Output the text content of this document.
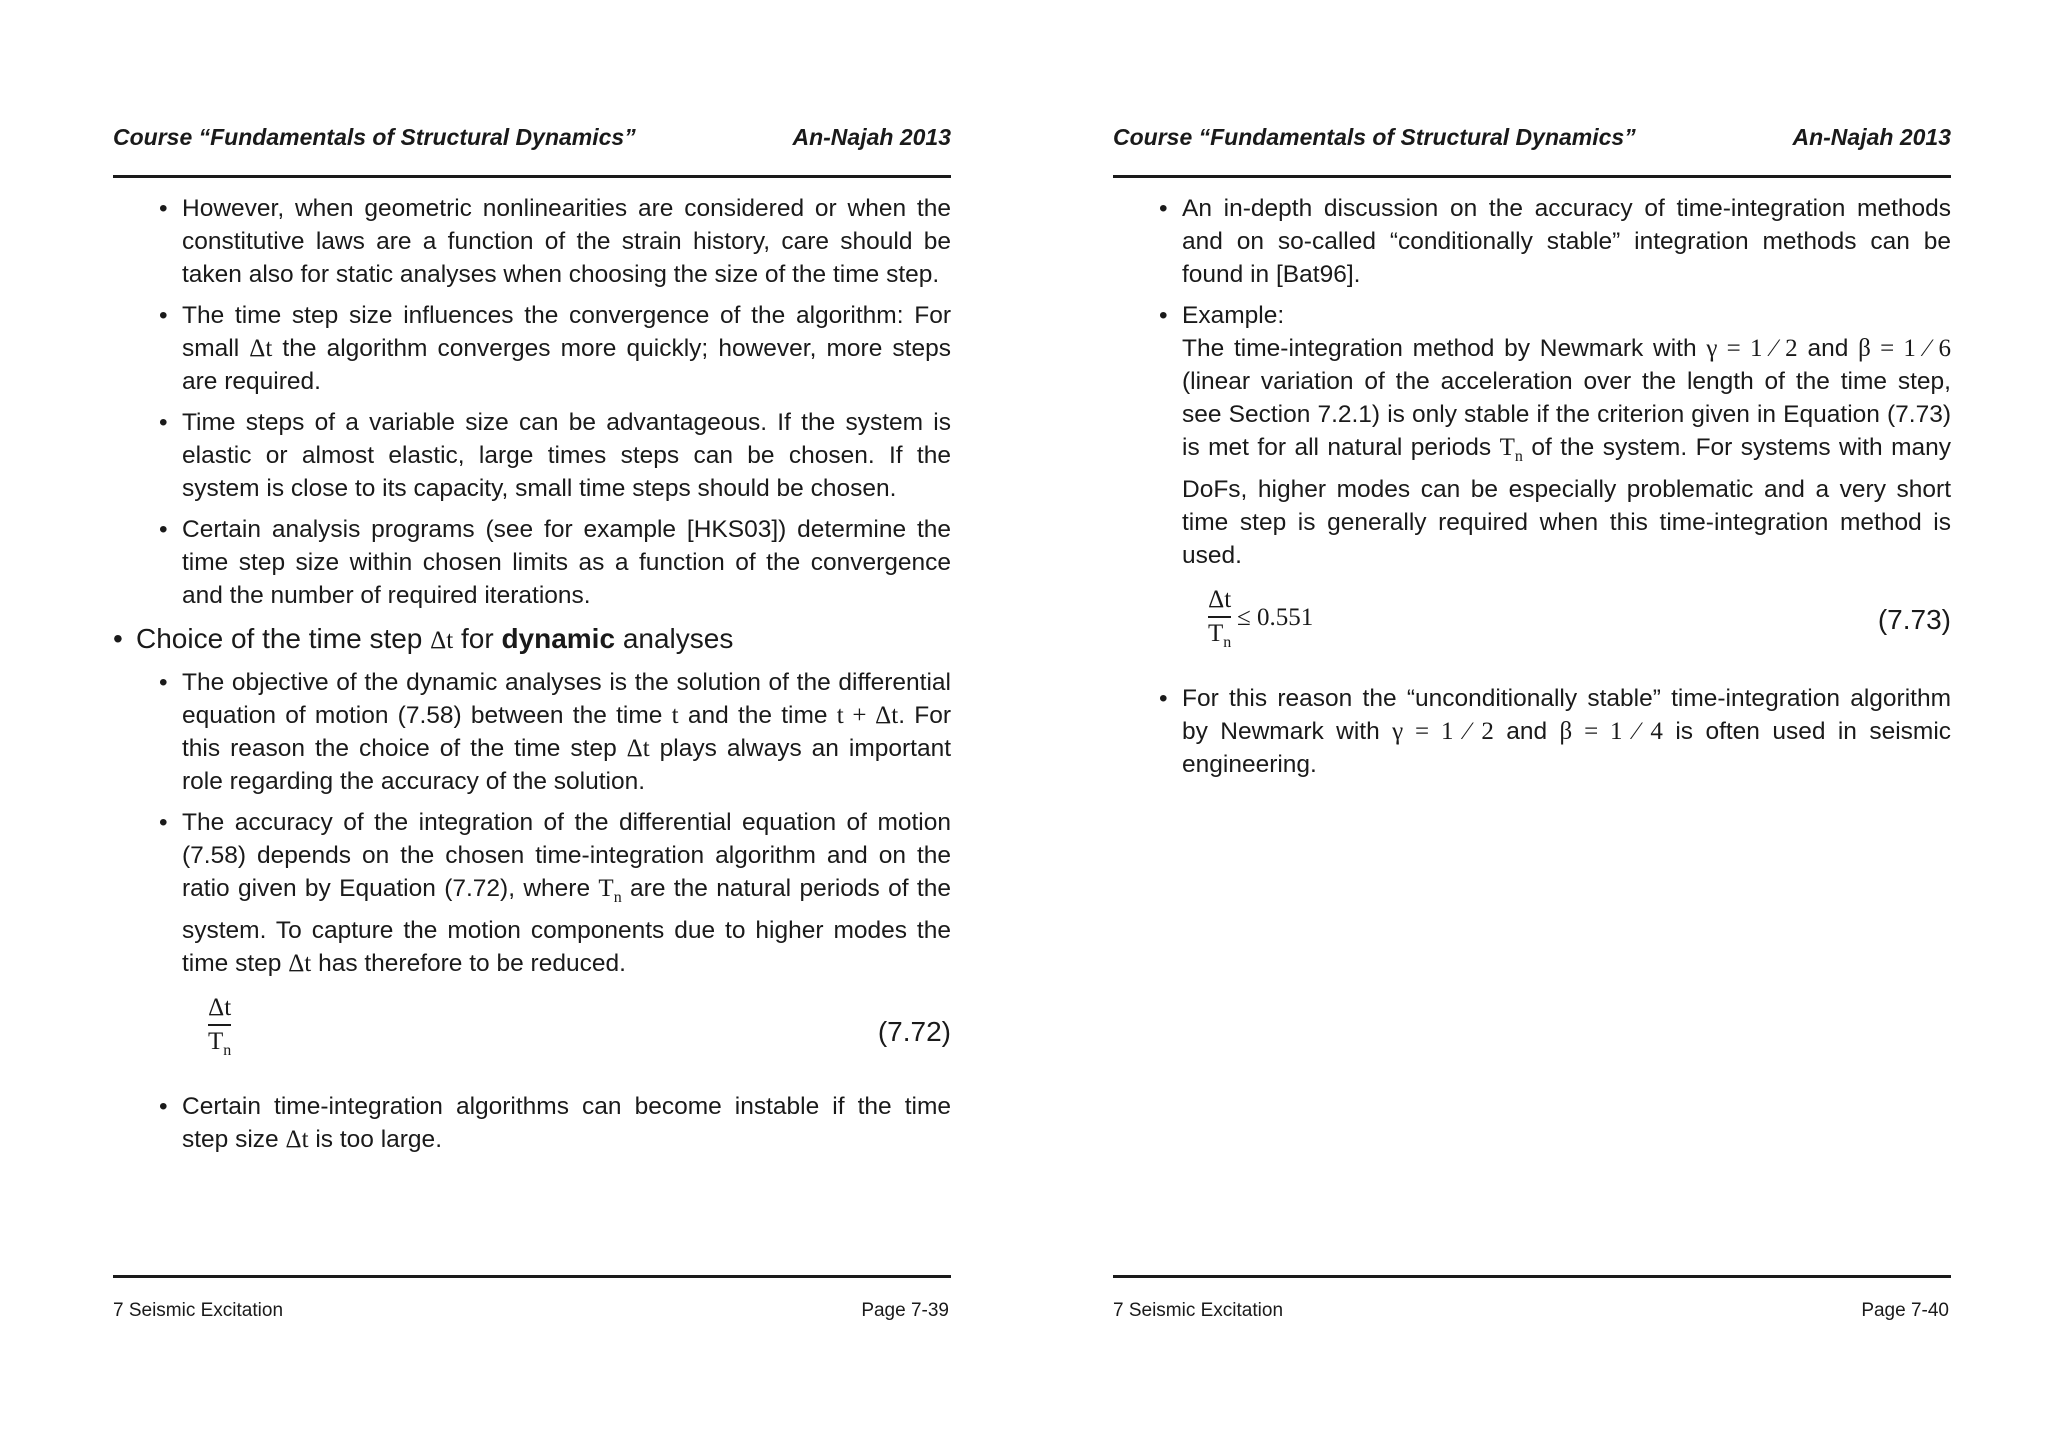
Course “Fundamentals of Structural Dynamics”	An-Najah 2013
• However, when geometric nonlinearities are considered or when the constitutive laws are a function of the strain history, care should be taken also for static analyses when choosing the size of the time step.
• The time step size influences the convergence of the algorithm: For small Δt the algorithm converges more quickly; however, more steps are required.
• Time steps of a variable size can be advantageous. If the system is elastic or almost elastic, large times steps can be chosen. If the system is close to its capacity, small time steps should be chosen.
• Certain analysis programs (see for example [HKS03]) determine the time step size within chosen limits as a function of the convergence and the number of required iterations.
• Choice of the time step Δt for dynamic analyses
• The objective of the dynamic analyses is the solution of the differential equation of motion (7.58) between the time t and the time t + Δt. For this reason the choice of the time step Δt plays always an important role regarding the accuracy of the solution.
• The accuracy of the integration of the differential equation of motion (7.58) depends on the chosen time-integration algorithm and on the ratio given by Equation (7.72), where $T_n$ are the natural periods of the system. To capture the motion components due to higher modes the time step Δt has therefore to be reduced.
Δt
$T_n$
(7.72)
• Certain time-integration algorithms can become instable if the time step size Δt is too large.
7 Seismic Excitation	Page 7-39
Course “Fundamentals of Structural Dynamics”	An-Najah 2013
• An in-depth discussion on the accuracy of time-integration methods and on so-called “conditionally stable” integration methods can be found in [Bat96].
• Example:
The time-integration method by Newmark with γ = 1 ⁄ 2 and β = 1 ⁄ 6 (linear variation of the acceleration over the length of the time step, see Section 7.2.1) is only stable if the criterion given in Equation (7.73) is met for all natural periods $T_n$ of the system. For systems with many DoFs, higher modes can be especially problematic and a very short time step is generally required when this time-integration method is used.
Δt
$T_n$
≤ 0.551	(7.73)
• For this reason the “unconditionally stable” time-integration algorithm by Newmark with γ = 1 ⁄ 2 and β = 1 ⁄ 4 is often used in seismic engineering.
7 Seismic Excitation	Page 7-40
